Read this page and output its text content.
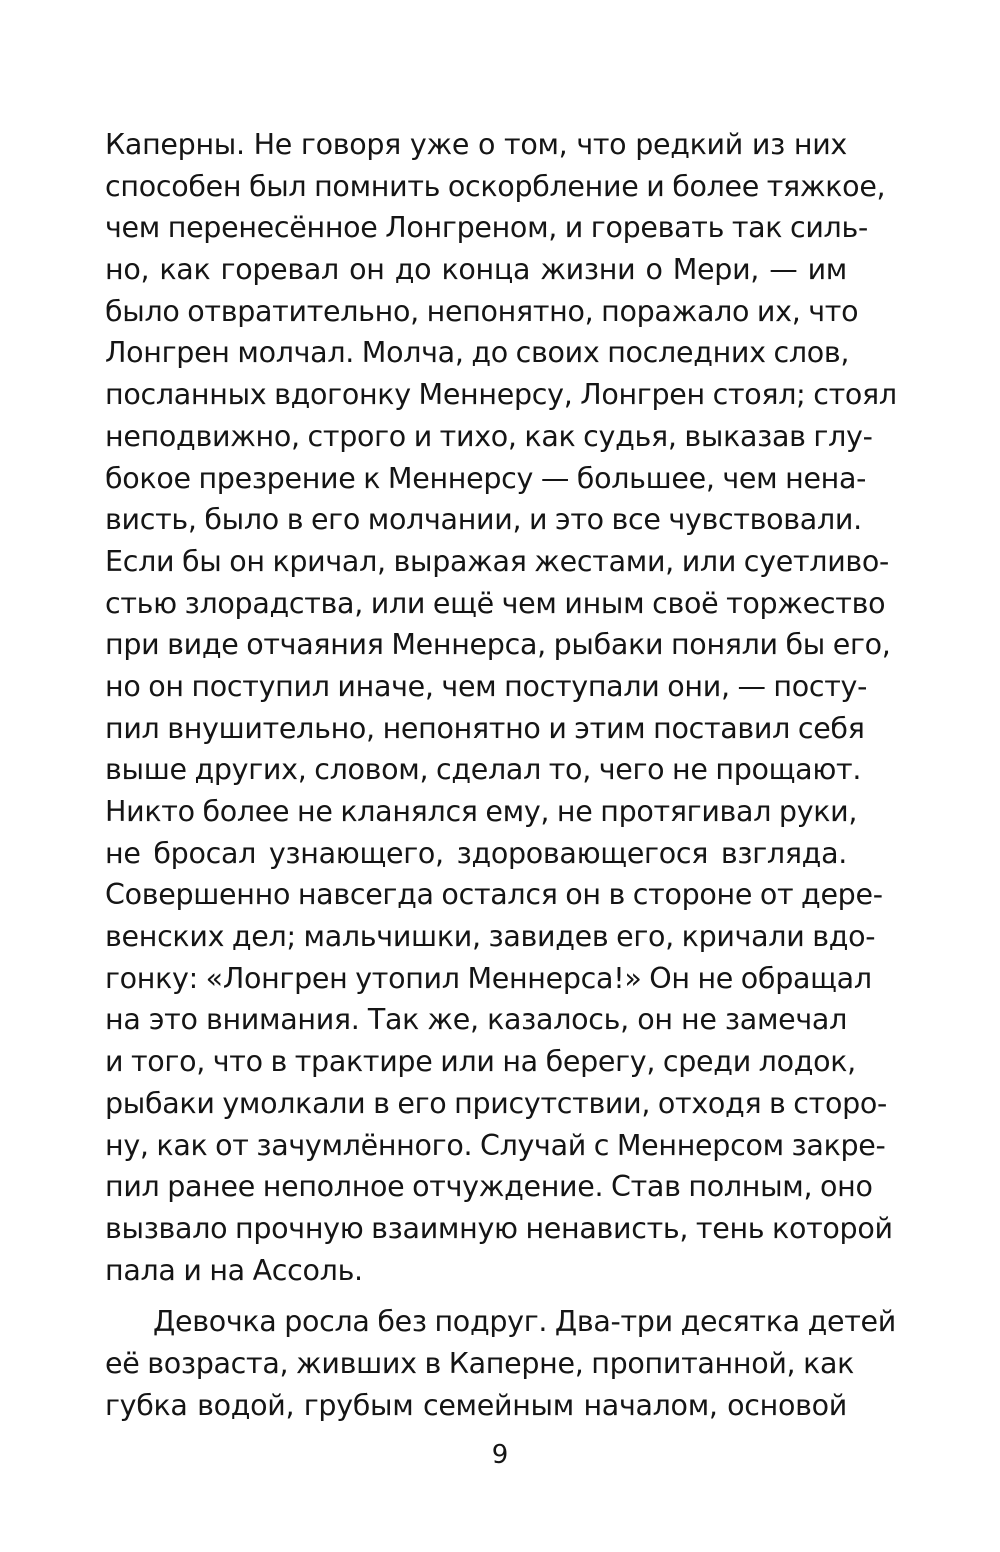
Каперны. Не говоря уже о том, что редкий из них
способен был помнить оскорбление и более тяжкое,
чем перенесённое Лонгреном, и горевать так силь-
но, как горевал он до конца жизни о Мери, — им
было отвратительно, непонятно, поражало их, что
Лонгрен молчал. Молча, до своих последних слов,
посланных вдогонку Меннерсу, Лонгрен стоял; стоял
неподвижно, строго и тихо, как судья, выказав глу-
бокое презрение к Меннерсу — большее, чем нена-
висть, было в его молчании, и это все чувствовали.
Если бы он кричал, выражая жестами, или суетливо-
стью злорадства, или ещё чем иным своё торжество
при виде отчаяния Меннерса, рыбаки поняли бы его,
но он поступил иначе, чем поступали они, — посту-
пил внушительно, непонятно и этим поставил себя
выше других, словом, сделал то, чего не прощают.
Никто более не кланялся ему, не протягивал руки,
не бросал узнающего, здоровающегося взгляда.
Совершенно навсегда остался он в стороне от дере-
венских дел; мальчишки, завидев его, кричали вдо-
гонку: «Лонгрен утопил Меннерса!» Он не обращал
на это внимания. Так же, казалось, он не замечал
и того, что в трактире или на берегу, среди лодок,
рыбаки умолкали в его присутствии, отходя в сторо-
ну, как от зачумлённого. Случай с Меннерсом закре-
пил ранее неполное отчуждение. Став полным, оно
вызвало прочную взаимную ненависть, тень которой
пала и на Ассоль.
Девочка росла без подруг. Два-три десятка детей
её возраста, живших в Каперне, пропитанной, как
губка водой, грубым семейным началом, основой
9
